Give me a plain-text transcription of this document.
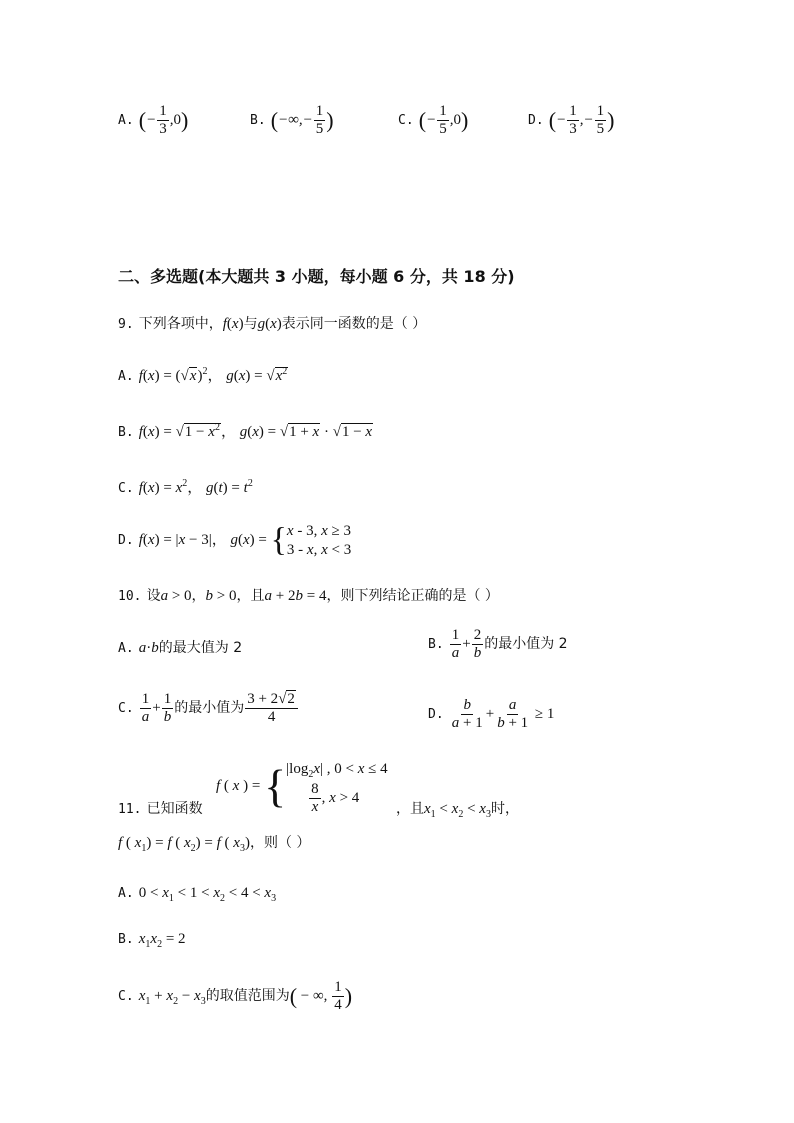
A. (− $\frac{1}{3} ,0$)	B. (−∞,− $\frac{1}{5}$ )	C. (− $\frac{1}{5} ,0$)	D. (− $\frac{1}{3}$ ,− $\frac{1}{5}$ )
二、多选题(本大题共 3 小题，每小题 6 分，共 18 分)
9. 下列各项中，f(x)与g(x)表示同一函数的是（ ）
A. $f(x) = (√x)^2$， $g(x) = √x^2$
B. $f(x) = √1 - x^2$， g(x) = √1 + x · √1 − x
C. $f(x) = x^2$， $g(t) = t^2$
D. f(x) = |x − 3|， g(x) = { x - 3, x ≥ 3
3 - x, x < 3
10. 设a > 0，b > 0，且a + 2b = 4，则下列结论正确的是（ ）
A. a·b的最大值为 2	B. $\frac{1}{a} + \frac{2}{b}$ 的最小值为 2
C. $\frac{1}{a} + \frac{1}{b}$ 的最小值为 $\frac{3 + 2√2}{4}$	D. $\frac{b}{a + 1} + \frac{a}{b + 1} \ge 1$
f ( x ) = { $|\log_2x|$ , 0 < x ≤ 4
$\frac{8}{x}$ , x > 4
11. 已知函数	，且$x_1 < x_2 < x_3$时，
f ( $x_1) = f$ ( $x_2) = f$ ( $x_3$)，则（ ）
A. $0 < x_1 < 1 < x_2 < 4 < x_3$
B. $x_1x_2 = 2$
C. $x_1 + x_2 - x_3$的取值范围为( − ∞, $\frac{1}{4}$ )
